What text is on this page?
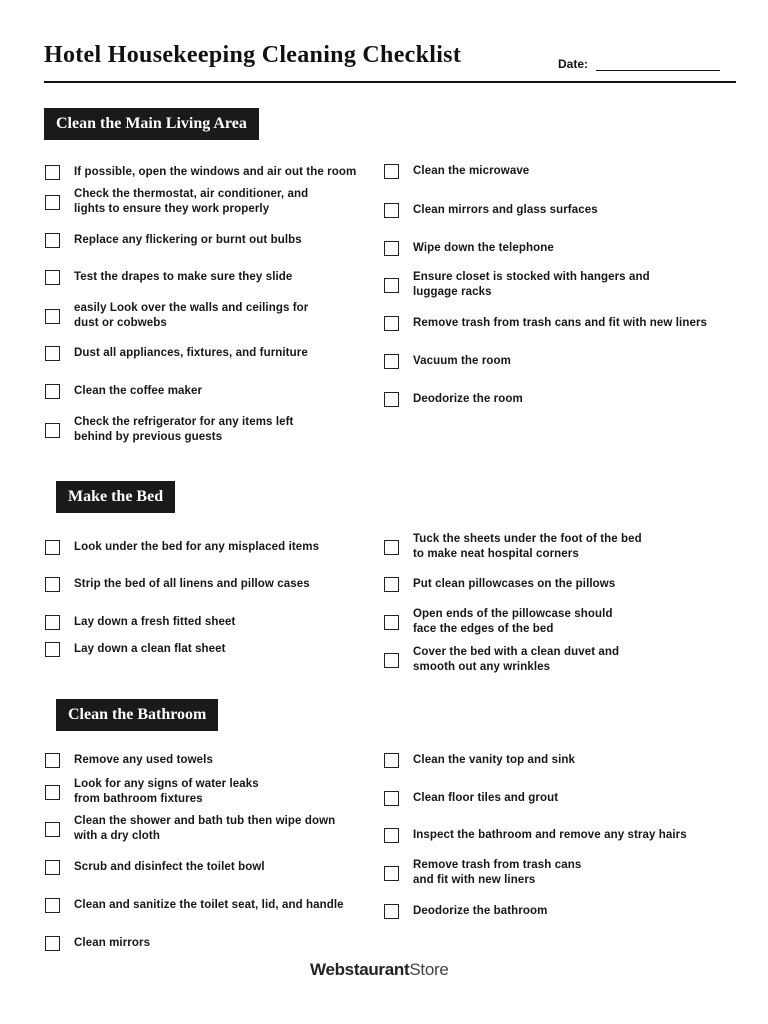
Hotel Housekeeping Cleaning Checklist	Date:
Clean the Main Living Area
If possible, open the windows and air out the room
Check the thermostat, air conditioner, and
lights to ensure they work properly
Replace any flickering or burnt out bulbs
Test the drapes to make sure they slide
easily Look over the walls and ceilings for
dust or cobwebs
Dust all appliances, fixtures, and furniture
Clean the coffee maker
Check the refrigerator for any items left
behind by previous guests
Clean the microwave
Clean mirrors and glass surfaces
Wipe down the telephone
Ensure closet is stocked with hangers and
luggage racks
Remove trash from trash cans and fit with new liners
Vacuum the room
Deodorize the room
Make the Bed
Look under the bed for any misplaced items
Strip the bed of all linens and pillow cases
Lay down a fresh fitted sheet
Lay down a clean flat sheet
Tuck the sheets under the foot of the bed
to make neat hospital corners
Put clean pillowcases on the pillows
Open ends of the pillowcase should
face the edges of the bed
Cover the bed with a clean duvet and
smooth out any wrinkles
Clean the Bathroom
Remove any used towels
Look for any signs of water leaks
from bathroom fixtures
Clean the shower and bath tub then wipe down
with a dry cloth
Scrub and disinfect the toilet bowl
Clean and sanitize the toilet seat, lid, and handle
Clean mirrors
Clean the vanity top and sink
Clean floor tiles and grout
Inspect the bathroom and remove any stray hairs
Remove trash from trash cans
and fit with new liners
Deodorize the bathroom
WebstaurantStore
